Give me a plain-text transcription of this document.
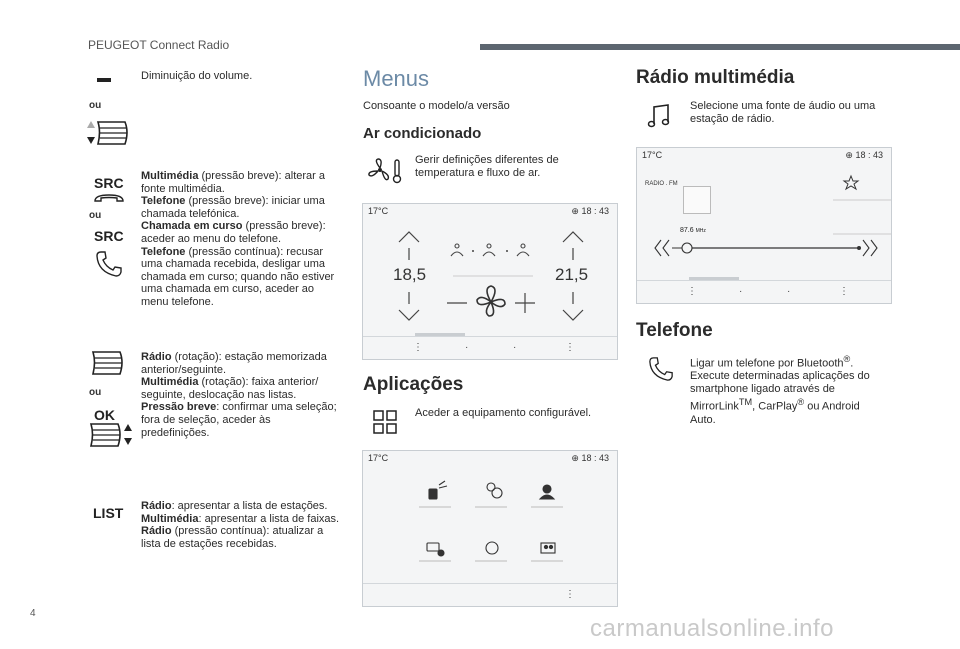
PEUGEOT Connect Radio
ou
Diminuição do volume.
SRC
ou
SRC
Multimédia (pressão breve): alterar a fonte multimédia.
Telefone (pressão breve): iniciar uma chamada telefónica.
Chamada em curso (pressão breve): aceder ao menu do telefone.
Telefone (pressão contínua): recusar uma chamada recebida, desligar uma chamada em curso; quando não estiver uma chamada em curso, aceder ao menu telefone.
ou
OK
Rádio (rotação): estação memorizada anterior/seguinte.
Multimédia (rotação): faixa anterior/ seguinte, deslocação nas listas.
Pressão breve: confirmar uma seleção; fora de seleção, aceder às predefinições.
LIST Rádio: apresentar a lista de estações.
Multimédia: apresentar a lista de faixas.
Rádio (pressão contínua): atualizar a lista de estações recebidas.
Menus
Consoante o modelo/a versão
Ar condicionado
Gerir definições diferentes de temperatura e fluxo de ar.
17°C	⊕ 18 : 43
18,5	21,5
⋮	·	·	⋮
Aplicações
Aceder a equipamento configurável.
17°C	⊕ 18 : 43
⋮
Rádio multimédia
Selecione uma fonte de áudio ou uma estação de rádio.
17°C	⊕ 18 : 43
RADIO . FM
87.6 MHz
⋮	·	·	⋮
Telefone
Ligar um telefone por Bluetooth®. Execute determinadas aplicações do smartphone ligado através de MirrorLink™, CarPlay® ou Android Auto.
4
carmanualsonline.info
